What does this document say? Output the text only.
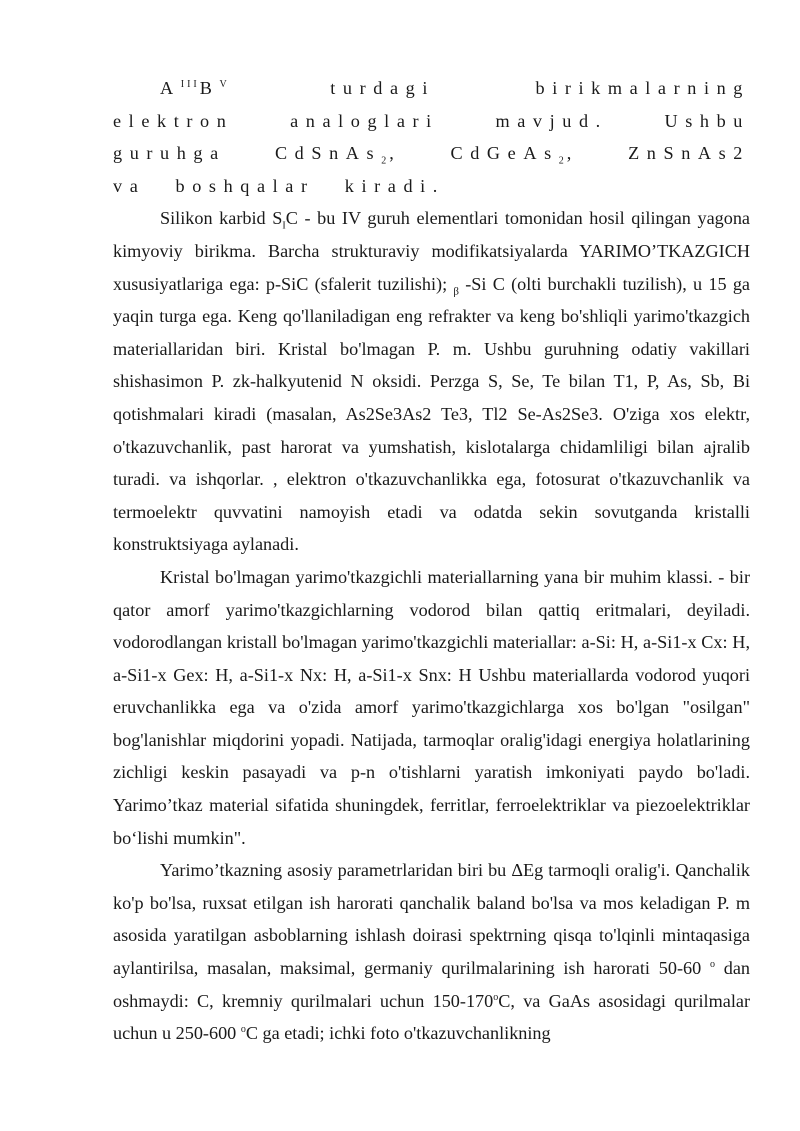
$A^{III}B^V$ turdagi birikmalarning elektron analoglari mavjud. Ushbu guruhga CdSnAs$_2$, CdGeAs$_2$, ZnSnAs2 va boshqalar kiradi.

Silikon karbid $S_IC$ - bu IV guruh elementlari tomonidan hosil qilingan yagona kimyoviy birikma. Barcha strukturaviy modifikatsiyalarda YARIMO’TKAZGICH xususiyatlariga ega: p-SiC (sfalerit tuzilishi); $_\beta$ -Si C (olti burchakli tuzilish), u 15 ga yaqin turga ega. Keng qo'llaniladigan eng refrakter va keng bo'shliqli yarimo'tkazgich materiallaridan biri. Kristal bo'lmagan P. m. Ushbu guruhning odatiy vakillari shishasimon P. zk-halkyutenid N oksidi. Perzga S, Se, Te bilan T1, P, As, Sb, Bi qotishmalari kiradi (masalan, As2Se3As2 Te3, Tl2 Se-As2Se3. O'ziga xos elektr, o'tkazuvchanlik, past harorat va yumshatish, kislotalarga chidamliligi bilan ajralib turadi. va ishqorlar. , elektron o'tkazuvchanlikka ega, fotosurat o'tkazuvchanlik va termoelektr quvvatini namoyish etadi va odatda sekin sovutganda kristalli konstruktsiyaga aylanadi.

Kristal bo'lmagan yarimo'tkazgichli materiallarning yana bir muhim klassi. - bir qator amorf yarimo'tkazgichlarning vodorod bilan qattiq eritmalari, deyiladi. vodorodlangan kristall bo'lmagan yarimo'tkazgichli materiallar: a-Si: H, a-Si1-x Cx: H, a-Si1-x Gex: H, a-Si1-x Nx: H, a-Si1-x Snx: H Ushbu materiallarda vodorod yuqori eruvchanlikka ega va o'zida amorf yarimo'tkazgichlarga xos bo'lgan "osilgan" bog'lanishlar miqdorini yopadi. Natijada, tarmoqlar oralig'idagi energiya holatlarining zichligi keskin pasayadi va p-n o'tishlarni yaratish imkoniyati paydo bo'ladi. Yarimo’tkaz material sifatida shuningdek, ferritlar, ferroelektriklar va piezoelektriklar bo‘lishi mumkin".

Yarimo’tkazning asosiy parametrlaridan biri bu ΔEg tarmoqli oralig'i. Qanchalik ko'p bo'lsa, ruxsat etilgan ish harorati qanchalik baland bo'lsa va mos keladigan P. m asosida yaratilgan asboblarning ishlash doirasi spektrning qisqa to'lqinli mintaqasiga aylantirilsa, masalan, maksimal, germaniy qurilmalarining ish harorati 50-60 $^o$ dan oshmaydi: C, kremniy qurilmalari uchun 150-170$^o$C, va GaAs asosidagi qurilmalar uchun u 250-600 $^o$C ga etadi; ichki foto o'tkazuvchanlikning
